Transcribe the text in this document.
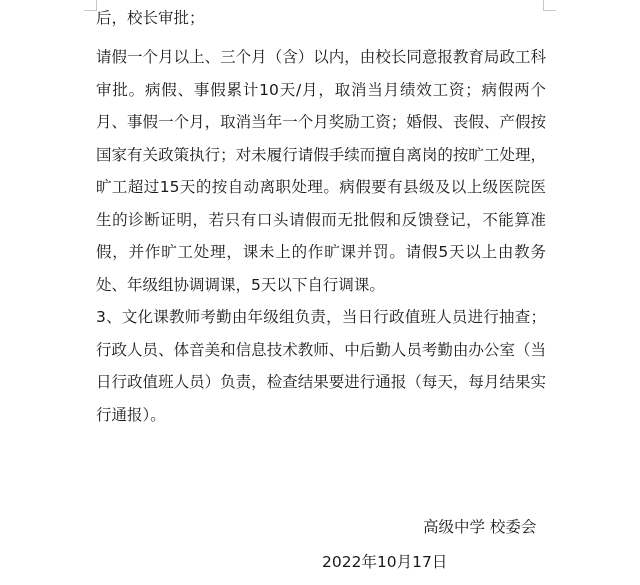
后，校长审批；

请假一个月以上、三个月（含）以内，由校长同意报教育局政工科审批。病假、事假累计10天/月，取消当月绩效工资；病假两个月、事假一个月，取消当年一个月奖励工资；婚假、丧假、产假按国家有关政策执行；对未履行请假手续而擅自离岗的按旷工处理，旷工超过15天的按自动离职处理。病假要有县级及以上级医院医生的诊断证明，若只有口头请假而无批假和反馈登记，不能算准假，并作旷工处理，课未上的作旷课并罚。请假5天以上由教务处、年级组协调调课，5天以下自行调课。

3、文化课教师考勤由年级组负责，当日行政值班人员进行抽查；行政人员、体音美和信息技术教师、中后勤人员考勤由办公室（当日行政值班人员）负责，检查结果要进行通报（每天，每月结果实行通报）。

高级中学 校委会

2022年10月17日
